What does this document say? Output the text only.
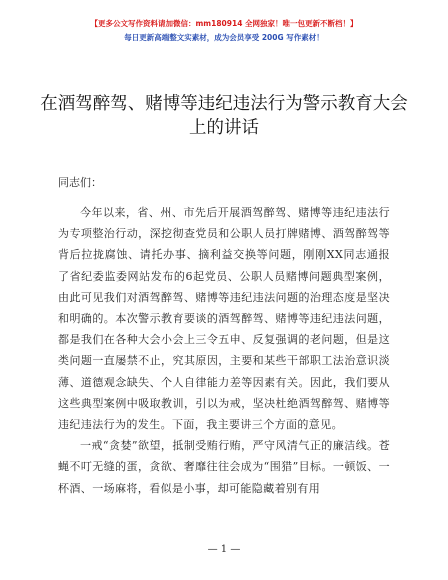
【更多公文写作资料请加微信：mm180914 全网独家！唯一包更新不断档！】
每日更新高端整文实素材，成为会员享受 200G 写作素材！
在酒驾醉驾、赌博等违纪违法行为警示教育大会上的讲话
同志们：

今年以来，省、州、市先后开展酒驾醉驾、赌博等违纪违法行为专项整治行动，深挖彻查党员和公职人员打牌赌博、酒驾醉驾等背后拉拢腐蚀、请托办事、摘利益交换等问题，刚刚XX同志通报了省纪委监委网站发布的6起党员、公职人员赌博问题典型案例，由此可见我们对酒驾醉驾、赌博等违纪违法问题的治理态度是坚决和明确的。本次警示教育要谈的酒驾醉驾、赌博等违纪违法问题，都是我们在各种大会小会上三令五申、反复强调的老问题，但是这类问题一直屡禁不止，究其原因，主要和某些干部职工法治意识淡薄、道德观念缺失、个人自律能力差等因素有关。因此，我们要从这些典型案例中吸取教训，引以为戒，坚决杜绝酒驾醉驾、赌博等违纪违法行为的发生。下面，我主要讲三个方面的意见。

一戒“贪婪”欲望，抵制受贿行贿，严守风清气正的廉洁线。苍蝇不叮无缝的蛋，贪欲、奢靡往往会成为“围猎”目标。一顿饭、一杯酒、一场麻将，看似是小事，却可能隐藏着别有用

— 1 —
